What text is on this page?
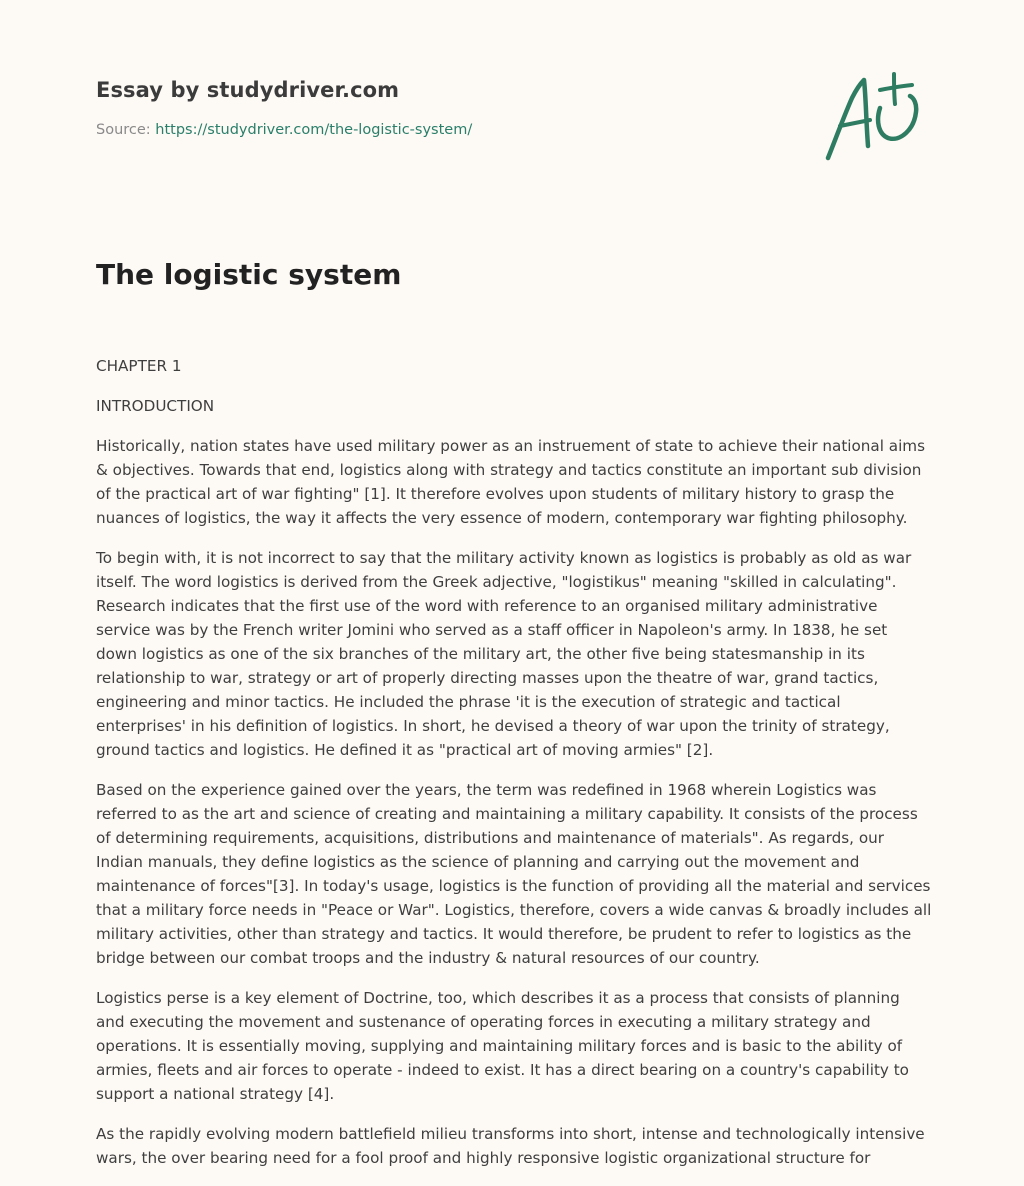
Essay by studydriver.com
Source: https://studydriver.com/the-logistic-system/
The logistic system

CHAPTER 1

INTRODUCTION

Historically, nation states have used military power as an instruement of state to achieve their national aims & objectives. Towards that end, logistics along with strategy and tactics constitute an important sub division of the practical art of war fighting" [1]. It therefore evolves upon students of military history to grasp the nuances of logistics, the way it affects the very essence of modern, contemporary war fighting philosophy.

To begin with, it is not incorrect to say that the military activity known as logistics is probably as old as war itself. The word logistics is derived from the Greek adjective, "logistikus" meaning "skilled in calculating". Research indicates that the first use of the word with reference to an organised military administrative service was by the French writer Jomini who served as a staff officer in Napoleon's army. In 1838, he set down logistics as one of the six branches of the military art, the other five being statesmanship in its relationship to war, strategy or art of properly directing masses upon the theatre of war, grand tactics, engineering and minor tactics. He included the phrase 'it is the execution of strategic and tactical enterprises' in his definition of logistics. In short, he devised a theory of war upon the trinity of strategy, ground tactics and logistics. He defined it as "practical art of moving armies" [2].

Based on the experience gained over the years, the term was redefined in 1968 wherein Logistics was referred to as the art and science of creating and maintaining a military capability. It consists of the process of determining requirements, acquisitions, distributions and maintenance of materials". As regards, our Indian manuals, they define logistics as the science of planning and carrying out the movement and maintenance of forces"[3]. In today's usage, logistics is the function of providing all the material and services that a military force needs in "Peace or War". Logistics, therefore, covers a wide canvas & broadly includes all military activities, other than strategy and tactics. It would therefore, be prudent to refer to logistics as the bridge between our combat troops and the industry & natural resources of our country.

Logistics perse is a key element of Doctrine, too, which describes it as a process that consists of planning and executing the movement and sustenance of operating forces in executing a military strategy and operations. It is essentially moving, supplying and maintaining military forces and is basic to the ability of armies, fleets and air forces to operate - indeed to exist. It has a direct bearing on a country's capability to support a national strategy [4].

As the rapidly evolving modern battlefield milieu transforms into short, intense and technologically intensive wars, the over bearing need for a fool proof and highly responsive logistic organizational structure for
